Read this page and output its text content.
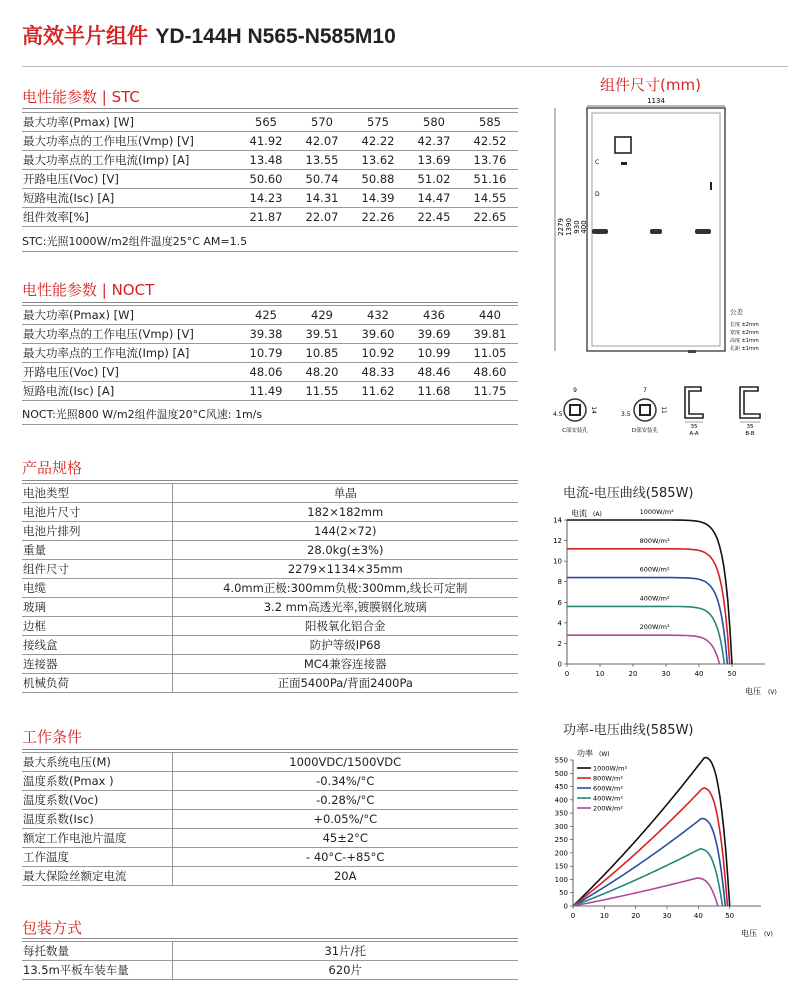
高效半片组件 YD-144H N565-N585M10
电性能参数 | STC
最大功率(Pmax) [W]	565	570	575	580	585
最大功率点的工作电压(Vmp) [V]	41.92	42.07	42.22	42.37	42.52
最大功率点的工作电流(Imp) [A]	13.48	13.55	13.62	13.69	13.76
开路电压(Voc) [V]	50.60	50.74	50.88	51.02	51.16
短路电流(Isc) [A]	14.23	14.31	14.39	14.47	14.55
组件效率[%]	21.87	22.07	22.26	22.45	22.65
STC:光照1000W/m2组件温度25°C AM=1.5
电性能参数 | NOCT
最大功率(Pmax) [W]	425	429	432	436	440
最大功率点的工作电压(Vmp) [V]	39.38	39.51	39.60	39.69	39.81
最大功率点的工作电流(Imp) [A]	10.79	10.85	10.92	10.99	11.05
开路电压(Voc) [V]	48.06	48.20	48.33	48.46	48.60
短路电流(Isc) [A]	11.49	11.55	11.62	11.68	11.75
NOCT:光照800 W/m2组件温度20°C风速: 1m/s
产品规格
电池类型	单晶
电池片尺寸	182×182mm
电池片排列	144(2×72)
重量	28.0kg(±3%)
组件尺寸	2279×1134×35mm
电缆	4.0mm正极:300mm负极:300mm,线长可定制
玻璃	3.2 mm高透光率,镀膜钢化玻璃
边框	阳极氧化铝合金
接线盒	防护等级IP68
连接器	MC4兼容连接器
机械负荷	正面5400Pa/背面2400Pa
工作条件
最大系统电压(M)	1000VDC/1500VDC
温度系数(Pmax )	-0.34%/°C
温度系数(Voc)	-0.28%/°C
温度系数(Isc)	+0.05%/°C
额定工作电池片温度	45±2°C
工作温度	- 40°C-+85°C
最大保险丝额定电流	20A
包装方式
每托数量	31片/托
13.5m平板车装车量	620片
组件尺寸(mm)
1134
2279 1390 930 400
C
D
公差
长度 ±2mm
宽度 ±2mm
高度 ±1mm
孔距 ±1mm
9
4.5
14
C部安装孔
7
3.5
11
D部安装孔
35
A-A
35
B-B
电流-电压曲线(585W)
0
2
4
6
8
10
12
14
0	10	20	30	40	50
电流 (A)
电压 (V)
1000W/m²
800W/m²
600W/m²
400W/m²
200W/m²
功率-电压曲线(585W)
0
50
100
150
200
250
300
350
400
450
500
550
0	10	20	30	40	50
功率 (W)
电压 (V)
1000W/m²
800W/m²
600W/m²
400W/m²
200W/m²
